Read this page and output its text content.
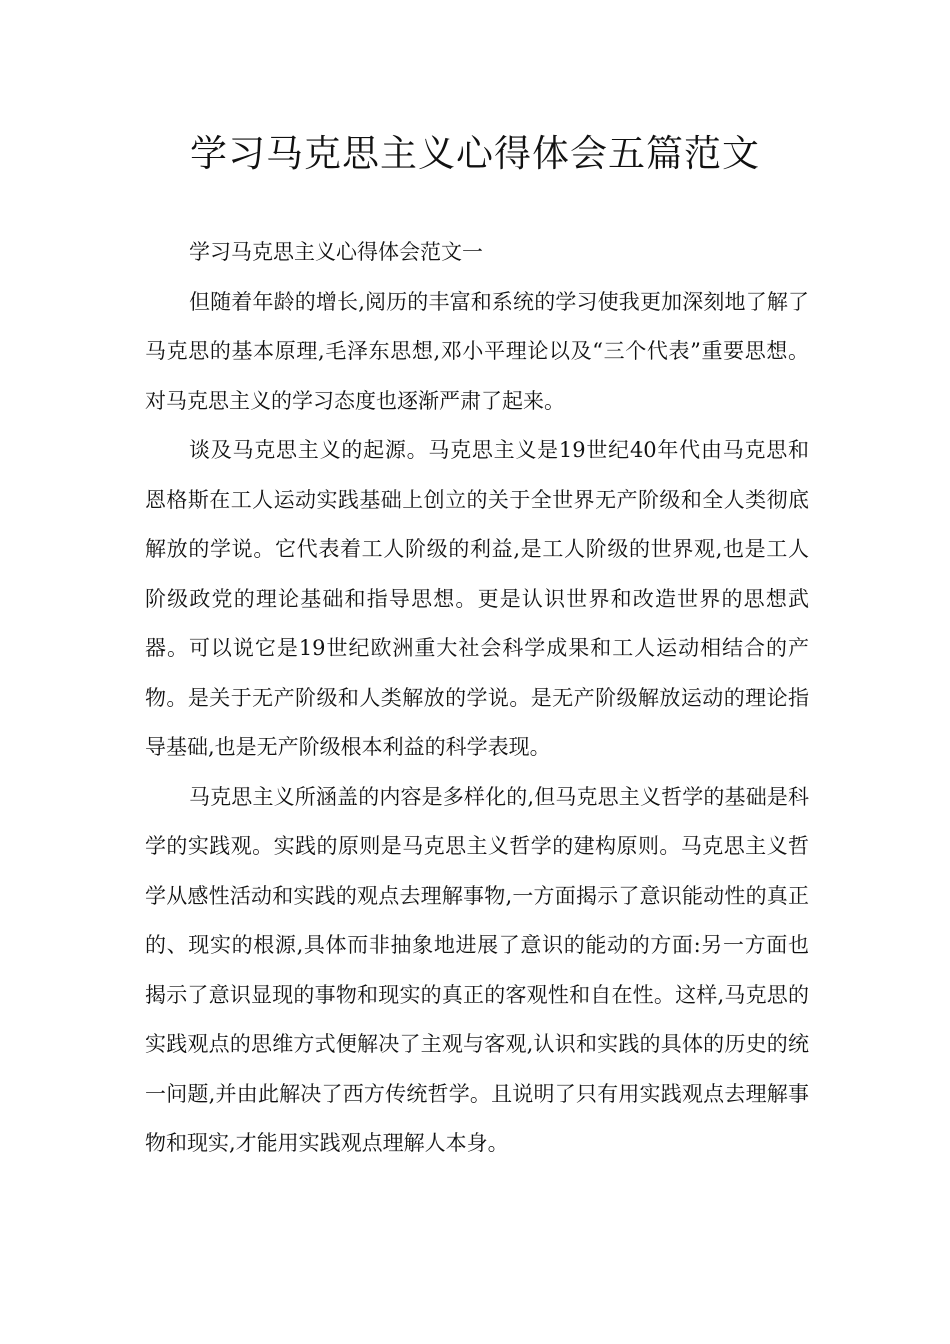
学习马克思主义心得体会五篇范文

学习马克思主义心得体会范文一

但随着年龄的增长,阅历的丰富和系统的学习使我更加深刻地了解了马克思的基本原理,毛泽东思想,邓小平理论以及“三个代表”重要思想。对马克思主义的学习态度也逐渐严肃了起来。

谈及马克思主义的起源。马克思主义是19世纪40年代由马克思和恩格斯在工人运动实践基础上创立的关于全世界无产阶级和全人类彻底解放的学说。它代表着工人阶级的利益,是工人阶级的世界观,也是工人阶级政党的理论基础和指导思想。更是认识世界和改造世界的思想武器。可以说它是19世纪欧洲重大社会科学成果和工人运动相结合的产物。是关于无产阶级和人类解放的学说。是无产阶级解放运动的理论指导基础,也是无产阶级根本利益的科学表现。

马克思主义所涵盖的内容是多样化的,但马克思主义哲学的基础是科学的实践观。实践的原则是马克思主义哲学的建构原则。马克思主义哲学从感性活动和实践的观点去理解事物,一方面揭示了意识能动性的真正的、现实的根源,具体而非抽象地进展了意识的能动的方面:另一方面也揭示了意识显现的事物和现实的真正的客观性和自在性。这样,马克思的实践观点的思维方式便解决了主观与客观,认识和实践的具体的历史的统一问题,并由此解决了西方传统哲学。且说明了只有用实践观点去理解事物和现实,才能用实践观点理解人本身。
